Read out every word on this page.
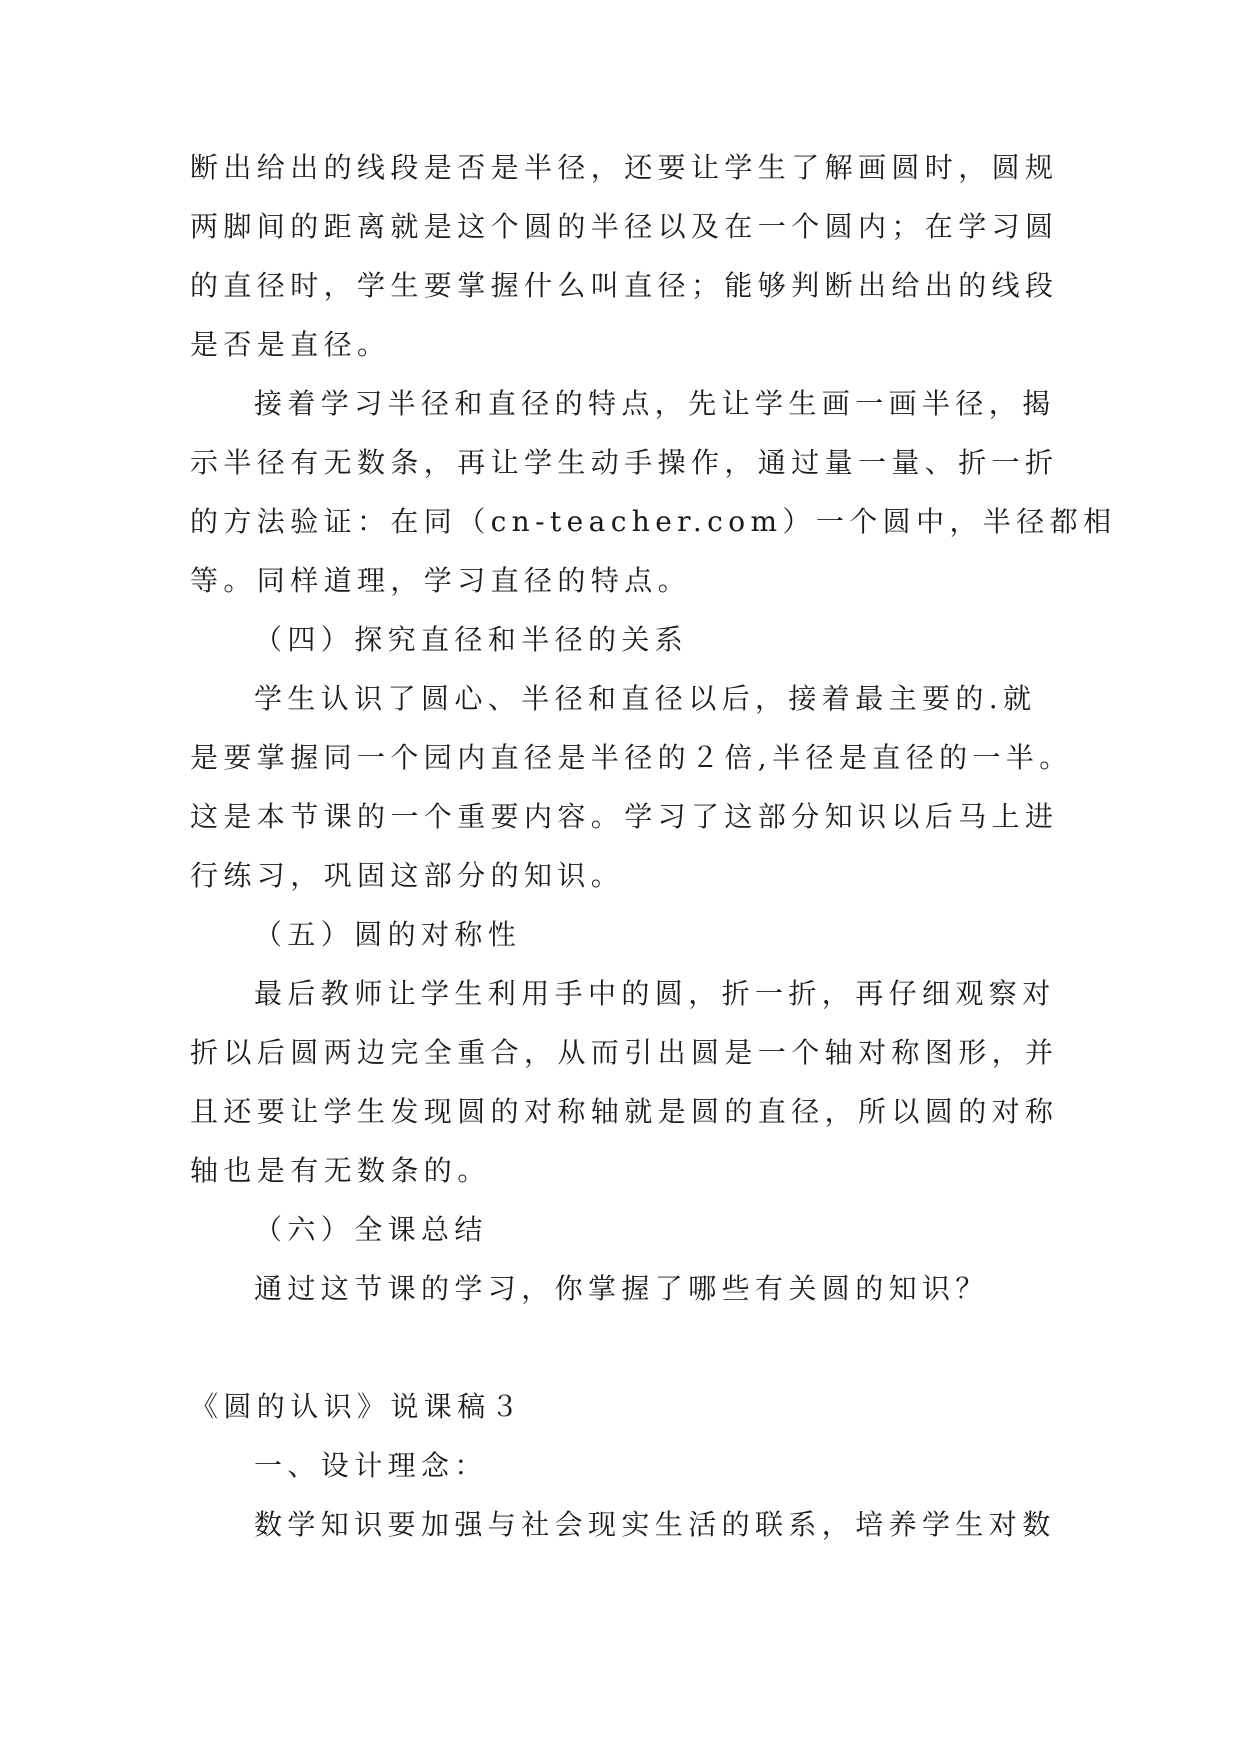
断出给出的线段是否是半径，还要让学生了解画圆时，圆规
两脚间的距离就是这个圆的半径以及在一个圆内；在学习圆
的直径时，学生要掌握什么叫直径；能够判断出给出的线段
是否是直径。
接着学习半径和直径的特点，先让学生画一画半径，揭
示半径有无数条，再让学生动手操作，通过量一量、折一折
的方法验证：在同（cn-teacher.com）一个圆中，半径都相
等。同样道理，学习直径的特点。
（四）探究直径和半径的关系
学生认识了圆心、半径和直径以后，接着最主要的.就
是要掌握同一个园内直径是半径的２倍,半径是直径的一半。
这是本节课的一个重要内容。学习了这部分知识以后马上进
行练习，巩固这部分的知识。
（五）圆的对称性
最后教师让学生利用手中的圆，折一折，再仔细观察对
折以后圆两边完全重合，从而引出圆是一个轴对称图形，并
且还要让学生发现圆的对称轴就是圆的直径，所以圆的对称
轴也是有无数条的。
（六）全课总结
通过这节课的学习，你掌握了哪些有关圆的知识？
《圆的认识》说课稿３
一、设计理念：
数学知识要加强与社会现实生活的联系，培养学生对数
